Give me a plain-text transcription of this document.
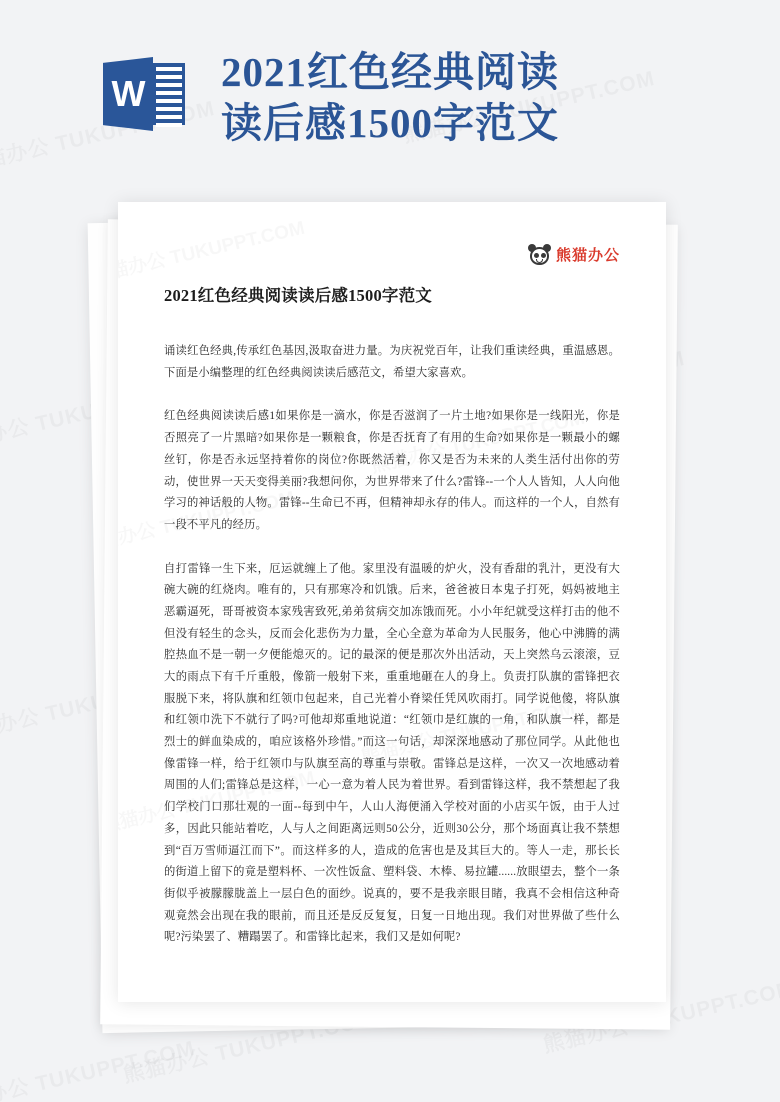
W 2021红色经典阅读
读后感1500字范文
熊猫办公
2021红色经典阅读读后感1500字范文

诵读红色经典,传承红色基因,汲取奋进力量。为庆祝党百年，让我们重读经典，重温感恩。下面是小编整理的红色经典阅读读后感范文，希望大家喜欢。

红色经典阅读读后感1如果你是一滴水，你是否滋润了一片土地?如果你是一线阳光，你是否照亮了一片黑暗?如果你是一颗粮食，你是否抚育了有用的生命?如果你是一颗最小的螺丝钉，你是否永远坚持着你的岗位?你既然活着，你又是否为未来的人类生活付出你的劳动，使世界一天天变得美丽?我想问你，为世界带来了什么?雷锋--一个人人皆知，人人向他学习的神话般的人物。雷锋--生命已不再，但精神却永存的伟人。而这样的一个人，自然有一段不平凡的经历。

自打雷锋一生下来，厄运就缠上了他。家里没有温暖的炉火，没有香甜的乳汁，更没有大碗大碗的红烧肉。唯有的，只有那寒冷和饥饿。后来，爸爸被日本鬼子打死，妈妈被地主恶霸逼死，哥哥被资本家残害致死,弟弟贫病交加冻饿而死。小小年纪就受这样打击的他不但没有轻生的念头，反而会化悲伤为力量，全心全意为革命为人民服务，他心中沸腾的满腔热血不是一朝一夕便能熄灭的。记的最深的便是那次外出活动，天上突然乌云滚滚，豆大的雨点下有千斤重般，像箭一般射下来，重重地砸在人的身上。负责打队旗的雷锋把衣服脱下来，将队旗和红领巾包起来，自己光着小脊梁任凭风吹雨打。同学说他傻，将队旗和红领巾洗下不就行了吗?可他却郑重地说道：“红领巾是红旗的一角，和队旗一样，都是烈士的鲜血染成的，咱应该格外珍惜。”而这一句话，却深深地感动了那位同学。从此他也像雷锋一样，给于红领巾与队旗至高的尊重与崇敬。雷锋总是这样，一次又一次地感动着周围的人们;雷锋总是这样，一心一意为着人民为着世界。看到雷锋这样，我不禁想起了我们学校门口那壮观的一面--每到中午，人山人海便涌入学校对面的小店买午饭，由于人过多，因此只能站着吃，人与人之间距离远则50公分，近则30公分，那个场面真让我不禁想到“百万雪师逼江而下”。而这样多的人，造成的危害也是及其巨大的。等人一走，那长长的街道上留下的竟是塑料杯、一次性饭盒、塑料袋、木棒、易拉罐......放眼望去，整个一条街似乎被朦朦胧盖上一层白色的面纱。说真的，要不是我亲眼目睹，我真不会相信这种奇观竟然会出现在我的眼前，而且还是反反复复，日复一日地出现。我们对世界做了些什么呢?污染罢了、糟蹋罢了。和雷锋比起来，我们又是如何呢?
